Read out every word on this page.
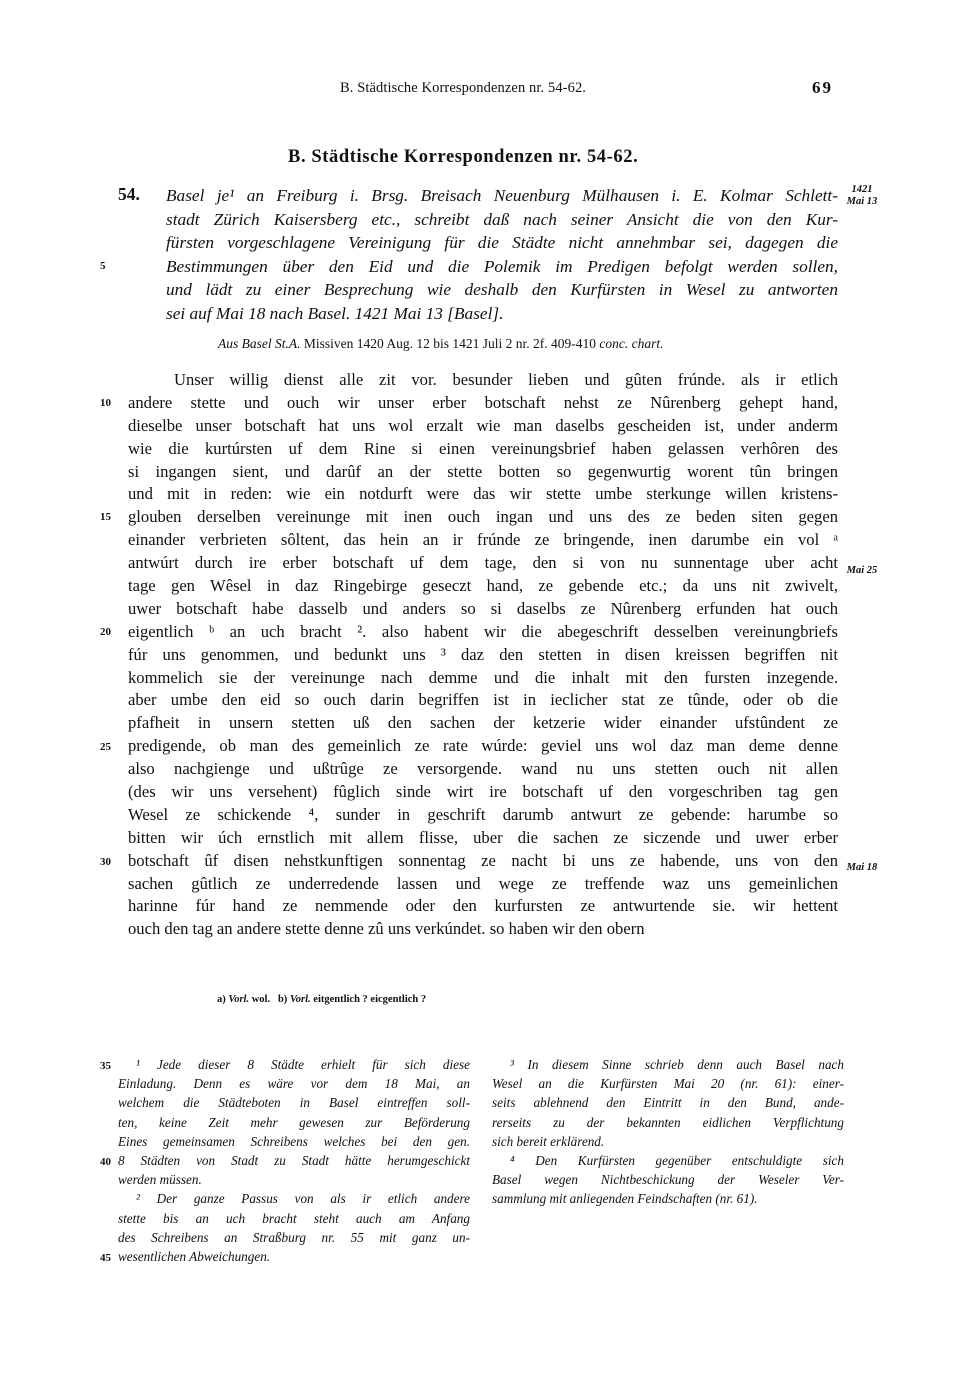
B. Städtische Korrespondenzen nr. 54-62.	69
B. Städtische Korrespondenzen nr. 54-62.
54.	Basel je¹ an Freiburg i. Brsg. Breisach Neuenburg Mülhausen i. E. Kolmar Schlett-
stadt Zürich Kaisersberg etc., schreibt daß nach seiner Ansicht die von den Kur-
fürsten vorgeschlagene Vereinigung für die Städte nicht annehmbar sei, dagegen die
Bestimmungen über den Eid und die Polemik im Predigen befolgt werden sollen,
und lädt zu einer Besprechung wie deshalb den Kurfürsten in Wesel zu antworten
sei auf Mai 18 nach Basel. 1421 Mai 13 [Basel].
1421
Mai 13
5
Aus Basel St.A. Missiven 1420 Aug. 12 bis 1421 Juli 2 nr. 2f. 409-410 conc. chart.
Unser willig dienst alle zit vor. besunder lieben und gûten frúnde. als ir etlich
andere stette und ouch wir unser erber botschaft nehst ze Nûrenberg gehept hand,
dieselbe unser botschaft hat uns wol erzalt wie man daselbs gescheiden ist, under anderm
wie die kurtúrsten uf dem Rine si einen vereinungsbrief haben gelassen verhôren des
si ingangen sient, und darûf an der stette botten so gegenwurtig worent tûn bringen
und mit in reden: wie ein notdurft were das wir stette umbe sterkunge willen kristens-
glouben derselben vereinunge mit inen ouch ingan und uns des ze beden siten gegen
einander verbrieten sôltent, das hein an ir frúnde ze bringende, inen darumbe ein vol ᵃ
antwúrt durch ire erber botschaft uf dem tage, den si von nu sunnentage uber acht
tage gen Wêsel in daz Ringebirge geseczt hand, ze gebende etc.; da uns nit zwivelt,
uwer botschaft habe dasselb und anders so si daselbs ze Nûrenberg erfunden hat ouch
eigentlich ᵇ an uch bracht ². also habent wir die abegeschrift desselben vereinungbriefs
fúr uns genommen, und bedunkt uns ³ daz den stetten in disen kreissen begriffen nit
kommelich sie der vereinunge nach demme und die inhalt mit den fursten inzegende.
aber umbe den eid so ouch darin begriffen ist in ieclicher stat ze tûnde, oder ob die
pfafheit in unsern stetten uß den sachen der ketzerie wider einander ufstûndent ze
predigende, ob man des gemeinlich ze rate wúrde: geviel uns wol daz man deme denne
also nachgienge und ußtrûge ze versorgende. wand nu uns stetten ouch nit allen
(des wir uns versehent) fûglich sinde wirt ire botschaft uf den vorgeschriben tag gen
Wesel ze schickende ⁴, sunder in geschrift darumb antwurt ze gebende: harumbe so
bitten wir úch ernstlich mit allem flisse, uber die sachen ze siczende und uwer erber
botschaft ûf disen nehstkunftigen sonnentag ze nacht bi uns ze habende, uns von den
sachen gûtlich ze underredende lassen und wege ze treffende waz uns gemeinlichen
harinne fúr hand ze nemmende oder den kurfursten ze antwurtende sie. wir hettent
ouch den tag an andere stette denne zû uns verkúndet. so haben wir den obern
10
15
20
25
30
Mai 25
Mai 18
a) Vorl. wol. b) Vorl. eitgentlich ? eicgentlich ?
¹ Jede dieser 8 Städte erhielt für sich diese
Einladung. Denn es wäre vor dem 18 Mai, an
welchem die Städteboten in Basel eintreffen soll-
ten, keine Zeit mehr gewesen zur Beförderung
Eines gemeinsamen Schreibens welches bei den gen.
8 Städten von Stadt zu Stadt hätte herumgeschickt
werden müssen.
² Der ganze Passus von als ir etlich andere
stette bis an uch bracht steht auch am Anfang
des Schreibens an Straßburg nr. 55 mit ganz un-
wesentlichen Abweichungen.
³ In diesem Sinne schrieb denn auch Basel nach
Wesel an die Kurfürsten Mai 20 (nr. 61): einer-
seits ablehnend den Eintritt in den Bund, ande-
rerseits zu der bekannten eidlichen Verpflichtung
sich bereit erklärend.
⁴ Den Kurfürsten gegenüber entschuldigte sich
Basel wegen Nichtbeschickung der Weseler Ver-
sammlung mit anliegenden Feindschaften (nr. 61).
35
40
45
